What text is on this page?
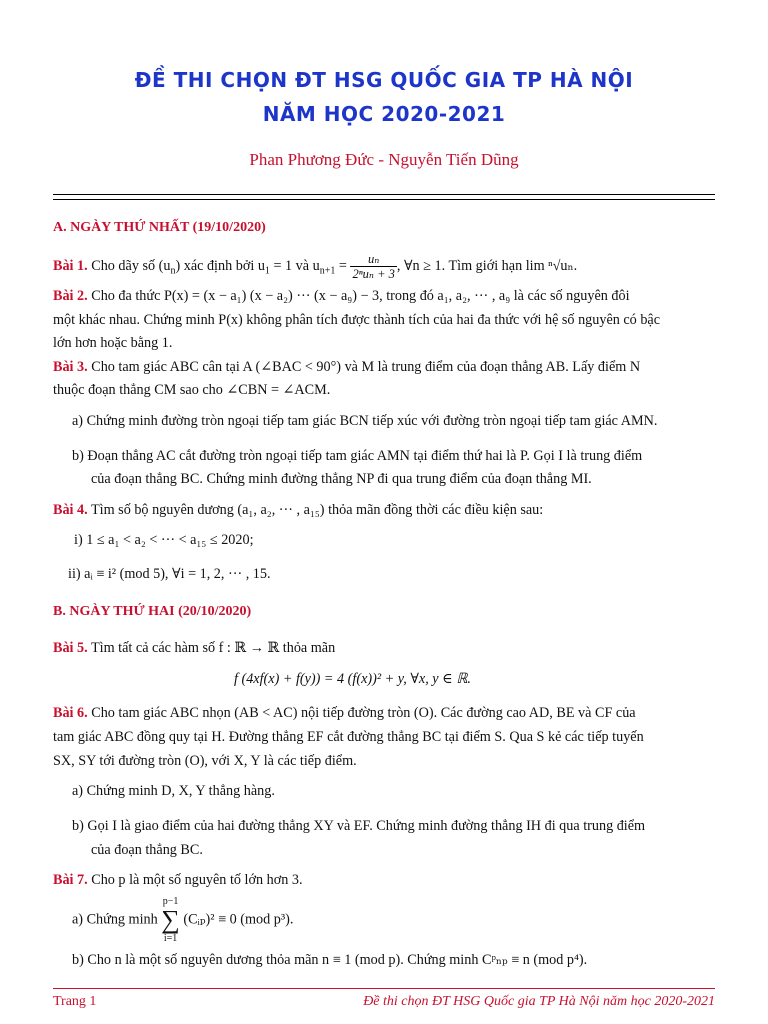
ĐỀ THI CHỌN ĐT HSG QUỐC GIA TP HÀ NỘI
NĂM HỌC 2020-2021
Phan Phương Đức - Nguyễn Tiến Dũng
A. NGÀY THỨ NHẤT (19/10/2020)
Bài 1. Cho dãy số $(u_n)$ xác định bởi $u_1 = 1$ và $u_{n+1} = \frac{\text{uₙ}}{\text{2ⁿuₙ + 3}}$ , ∀n ≥ 1. Tìm giới hạn lim ⁿ√uₙ.
Bài 2. Cho đa thức P(x) = (x − a₁) (x − a₂) ··· (x − a₉) − 3, trong đó a₁, a₂, ··· , a₉ là các số nguyên đôi
một khác nhau. Chứng minh P(x) không phân tích được thành tích của hai đa thức với hệ số nguyên có bậc
lớn hơn hoặc bằng 1.
Bài 3. Cho tam giác ABC cân tại A (∠BAC < 90°) và M là trung điểm của đoạn thẳng AB. Lấy điểm N
thuộc đoạn thẳng CM sao cho ∠CBN = ∠ACM.
a) Chứng minh đường tròn ngoại tiếp tam giác BCN tiếp xúc với đường tròn ngoại tiếp tam giác AMN.
b) Đoạn thẳng AC cắt đường tròn ngoại tiếp tam giác AMN tại điểm thứ hai là P. Gọi I là trung điểm
của đoạn thẳng BC. Chứng minh đường thẳng NP đi qua trung điểm của đoạn thẳng MI.
Bài 4. Tìm số bộ nguyên dương (a₁, a₂, ··· , a₁₅) thỏa mãn đồng thời các điều kiện sau:
i) 1 ≤ a₁ < a₂ < ··· < a₁₅ ≤ 2020;
ii) aᵢ ≡ i² (mod 5), ∀i = 1, 2, ··· , 15.
B. NGÀY THỨ HAI (20/10/2020)
Bài 5. Tìm tất cả các hàm số f : ℝ → ℝ thỏa mãn
f (4xf(x) + f(y)) = 4 (f(x))² + y, ∀x, y ∈ ℝ.
Bài 6. Cho tam giác ABC nhọn (AB < AC) nội tiếp đường tròn (O). Các đường cao AD, BE và CF của
tam giác ABC đồng quy tại H. Đường thẳng EF cắt đường thẳng BC tại điểm S. Qua S kẻ các tiếp tuyến
SX, SY tới đường tròn (O), với X, Y là các tiếp điểm.
a) Chứng minh D, X, Y thẳng hàng.
b) Gọi I là giao điểm của hai đường thẳng XY và EF. Chứng minh đường thẳng IH đi qua trung điểm
của đoạn thẳng BC.
Bài 7. Cho p là một số nguyên tố lớn hơn 3.
a) Chứng minh p−1
∑
i=1 (Cᵢₚ)² ≡ 0 (mod p³).
b) Cho n là một số nguyên dương thỏa mãn n ≡ 1 (mod p). Chứng minh Cᵖₙₚ ≡ n (mod p⁴).
Trang 1	Đề thi chọn ĐT HSG Quốc gia TP Hà Nội năm học 2020-2021
